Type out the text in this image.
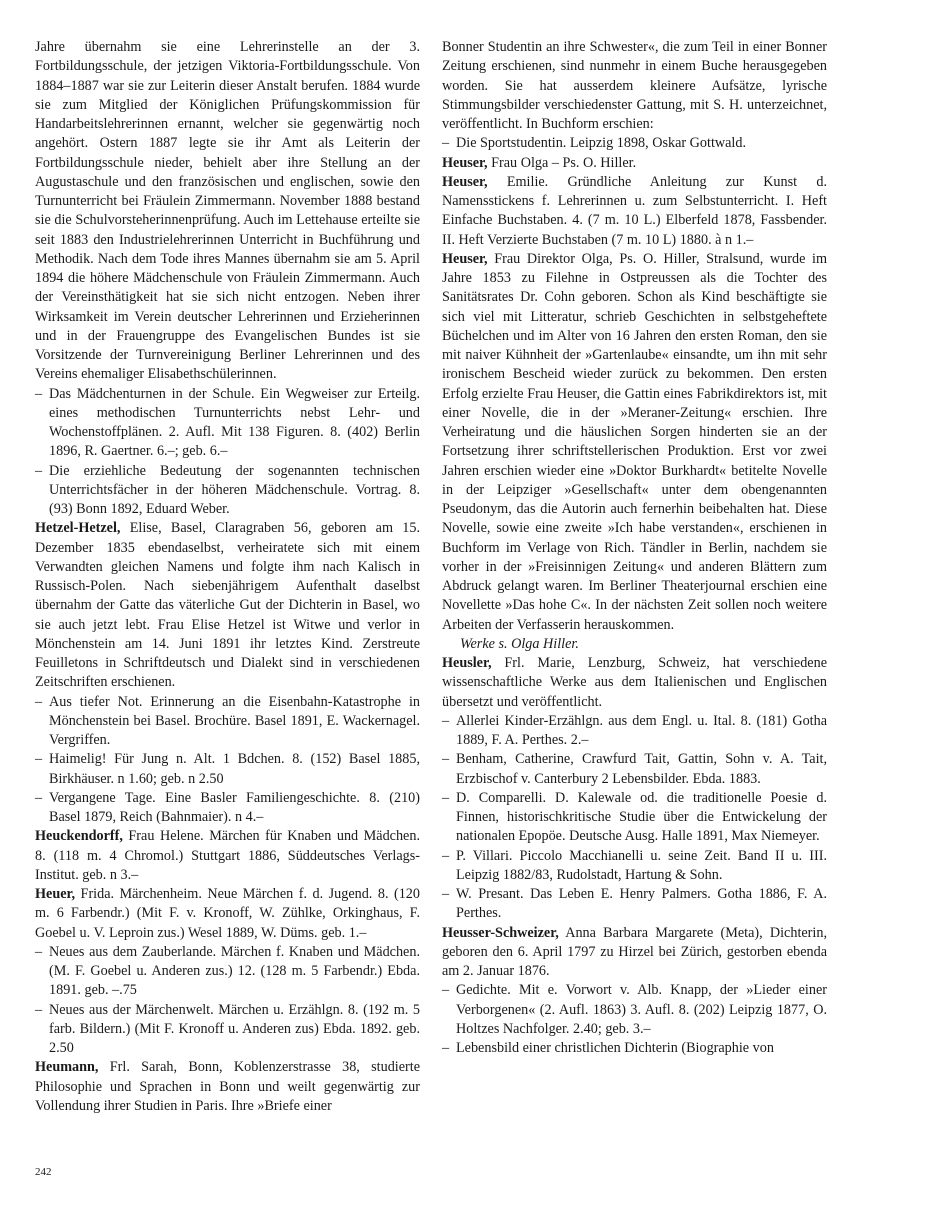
Jahre übernahm sie eine Lehrerinstelle an der 3. Fortbildungsschule, der jetzigen Viktoria-Fortbildungsschule. Von 1884–1887 war sie zur Leiterin dieser Anstalt berufen. 1884 wurde sie zum Mitglied der Königlichen Prüfungskommission für Handarbeitslehrerinnen ernannt, welcher sie gegenwärtig noch angehört. Ostern 1887 legte sie ihr Amt als Leiterin der Fortbildungsschule nieder, behielt aber ihre Stellung an der Augustaschule und den französischen und englischen, sowie den Turnunterricht bei Fräulein Zimmermann. November 1888 bestand sie die Schulvorsteherinnenprüfung. Auch im Lettehause erteilte sie seit 1883 den Industrielehrerinnen Unterricht in Buchführung und Methodik. Nach dem Tode ihres Mannes übernahm sie am 5. April 1894 die höhere Mädchenschule von Fräulein Zimmermann. Auch der Vereinsthätigkeit hat sie sich nicht entzogen. Neben ihrer Wirksamkeit im Verein deutscher Lehrerinnen und Erzieherinnen und in der Frauengruppe des Evangelischen Bundes ist sie Vorsitzende der Turnvereinigung Berliner Lehrerinnen und des Vereins ehemaliger Elisabethschülerinnen.

–Das Mädchenturnen in der Schule. Ein Wegweiser zur Erteilg. eines methodischen Turnunterrichts nebst Lehr- und Wochenstoffplänen. 2. Aufl. Mit 138 Figuren. 8. (402) Berlin 1896, R. Gaertner. 6.–; geb. 6.–

–Die erziehliche Bedeutung der sogenannten technischen Unterrichtsfächer in der höheren Mädchenschule. Vortrag. 8. (93) Bonn 1892, Eduard Weber.

Hetzel-Hetzel, Elise, Basel, Claragraben 56, geboren am 15. Dezember 1835 ebendaselbst, verheiratete sich mit einem Verwandten gleichen Namens und folgte ihm nach Kalisch in Russisch-Polen. Nach siebenjährigem Aufenthalt daselbst übernahm der Gatte das väterliche Gut der Dichterin in Basel, wo sie auch jetzt lebt. Frau Elise Hetzel ist Witwe und verlor in Mönchenstein am 14. Juni 1891 ihr letztes Kind. Zerstreute Feuilletons in Schriftdeutsch und Dialekt sind in verschiedenen Zeitschriften erschienen.

–Aus tiefer Not. Erinnerung an die Eisenbahn-Katastrophe in Mönchenstein bei Basel. Brochüre. Basel 1891, E. Wackernagel. Vergriffen.

–Haimelig! Für Jung n. Alt. 1 Bdchen. 8. (152) Basel 1885, Birkhäuser. n 1.60; geb. n 2.50

–Vergangene Tage. Eine Basler Familiengeschichte. 8. (210) Basel 1879, Reich (Bahnmaier). n 4.–

Heuckendorff, Frau Helene. Märchen für Knaben und Mädchen. 8. (118 m. 4 Chromol.) Stuttgart 1886, Süddeutsches Verlags-Institut. geb. n 3.–

Heuer, Frida. Märchenheim. Neue Märchen f. d. Jugend. 8. (120 m. 6 Farbendr.) (Mit F. v. Kronoff, W. Zühlke, Orkinghaus, F. Goebel u. V. Leproin zus.) Wesel 1889, W. Düms. geb. 1.–

–Neues aus dem Zauberlande. Märchen f. Knaben und Mädchen. (M. F. Goebel u. Anderen zus.) 12. (128 m. 5 Farbendr.) Ebda. 1891. geb. –.75

–Neues aus der Märchenwelt. Märchen u. Erzählgn. 8. (192 m. 5 farb. Bildern.) (Mit F. Kronoff u. Anderen zus) Ebda. 1892. geb. 2.50

Heumann, Frl. Sarah, Bonn, Koblenzerstrasse 38, studierte Philosophie und Sprachen in Bonn und weilt gegenwärtig zur Vollendung ihrer Studien in Paris. Ihre »Briefe einer

Bonner Studentin an ihre Schwester«, die zum Teil in einer Bonner Zeitung erschienen, sind nunmehr in einem Buche herausgegeben worden. Sie hat ausserdem kleinere Aufsätze, lyrische Stimmungsbilder verschiedenster Gattung, mit S. H. unterzeichnet, veröffentlicht. In Buchform erschien:

–Die Sportstudentin. Leipzig 1898, Oskar Gottwald.

Heuser, Frau Olga – Ps. O. Hiller.

Heuser, Emilie. Gründliche Anleitung zur Kunst d. Namensstickens f. Lehrerinnen u. zum Selbstunterricht. I. Heft Einfache Buchstaben. 4. (7 m. 10 L.) Elberfeld 1878, Fassbender. II. Heft Verzierte Buchstaben (7 m. 10 L) 1880. à n 1.–

Heuser, Frau Direktor Olga, Ps. O. Hiller, Stralsund, wurde im Jahre 1853 zu Filehne in Ostpreussen als die Tochter des Sanitätsrates Dr. Cohn geboren. Schon als Kind beschäftigte sie sich viel mit Litteratur, schrieb Geschichten in selbstgeheftete Büchelchen und im Alter von 16 Jahren den ersten Roman, den sie mit naiver Kühnheit der »Gartenlaube« einsandte, um ihn mit sehr ironischem Bescheid wieder zurück zu bekommen. Den ersten Erfolg erzielte Frau Heuser, die Gattin eines Fabrikdirektors ist, mit einer Novelle, die in der »Meraner-Zeitung« erschien. Ihre Verheiratung und die häuslichen Sorgen hinderten sie an der Fortsetzung ihrer schriftstellerischen Produktion. Erst vor zwei Jahren erschien wieder eine »Doktor Burkhardt« betitelte Novelle in der Leipziger »Gesellschaft« unter dem obengenannten Pseudonym, das die Autorin auch fernerhin beibehalten hat. Diese Novelle, sowie eine zweite »Ich habe verstanden«, erschienen in Buchform im Verlage von Rich. Tändler in Berlin, nachdem sie vorher in der »Freisinnigen Zeitung« und anderen Blättern zum Abdruck gelangt waren. Im Berliner Theaterjournal erschien eine Novellette »Das hohe C«. In der nächsten Zeit sollen noch weitere Arbeiten der Verfasserin herauskommen.

Werke s. Olga Hiller.

Heusler, Frl. Marie, Lenzburg, Schweiz, hat verschiedene wissenschaftliche Werke aus dem Italienischen und Englischen übersetzt und veröffentlicht.

–Allerlei Kinder-Erzählgn. aus dem Engl. u. Ital. 8. (181) Gotha 1889, F. A. Perthes. 2.–

–Benham, Catherine, Crawfurd Tait, Gattin, Sohn v. A. Tait, Erzbischof v. Canterbury 2 Lebensbilder. Ebda. 1883.

–D. Comparelli. D. Kalewale od. die traditionelle Poesie d. Finnen, historischkritische Studie über die Entwickelung der nationalen Epopöe. Deutsche Ausg. Halle 1891, Max Niemeyer.

–P. Villari. Piccolo Macchianelli u. seine Zeit. Band II u. III. Leipzig 1882/83, Rudolstadt, Hartung & Sohn.

–W. Presant. Das Leben E. Henry Palmers. Gotha 1886, F. A. Perthes.

Heusser-Schweizer, Anna Barbara Margarete (Meta), Dichterin, geboren den 6. April 1797 zu Hirzel bei Zürich, gestorben ebenda am 2. Januar 1876.

–Gedichte. Mit e. Vorwort v. Alb. Knapp, der »Lieder einer Verborgenen« (2. Aufl. 1863) 3. Aufl. 8. (202) Leipzig 1877, O. Holtzes Nachfolger. 2.40; geb. 3.–

–Lebensbild einer christlichen Dichterin (Biographie von

242
